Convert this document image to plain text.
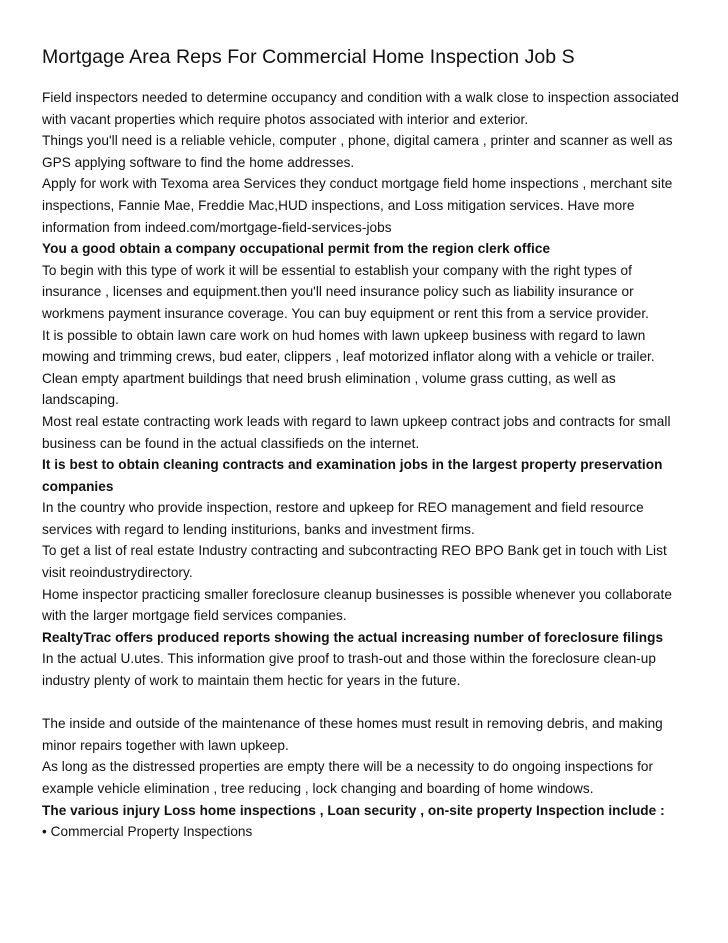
Mortgage Area Reps For Commercial Home Inspection Job S

Field inspectors needed to determine occupancy and condition with a walk close to inspection associated with vacant properties which require photos associated with interior and exterior.

Things you'll need is a reliable vehicle, computer , phone, digital camera , printer and scanner as well as GPS applying software to find the home addresses.

Apply for work with Texoma area Services they conduct mortgage field home inspections , merchant site inspections, Fannie Mae, Freddie Mac,HUD inspections, and Loss mitigation services. Have more information from indeed.com/mortgage-field-services-jobs

You a good obtain a company occupational permit from the region clerk office

To begin with this type of work it will be essential to establish your company with the right types of insurance , licenses and equipment.then you'll need insurance policy such as liability insurance or workmens payment insurance coverage. You can buy equipment or rent this from a service provider.

It is possible to obtain lawn care work on hud homes with lawn upkeep business with regard to lawn mowing and trimming crews, bud eater, clippers , leaf motorized inflator along with a vehicle or trailer.

Clean empty apartment buildings that need brush elimination , volume grass cutting, as well as landscaping.

Most real estate contracting work leads with regard to lawn upkeep contract jobs and contracts for small business can be found in the actual classifieds on the internet.

It is best to obtain cleaning contracts and examination jobs in the largest property preservation companies

In the country who provide inspection, restore and upkeep for REO management and field resource services with regard to lending institurions, banks and investment firms.

To get a list of real estate Industry contracting and subcontracting REO BPO Bank get in touch with List visit reoindustrydirectory.

Home inspector practicing smaller foreclosure cleanup businesses is possible whenever you collaborate with the larger mortgage field services companies.

RealtyTrac offers produced reports showing the actual increasing number of foreclosure filings

In the actual U.utes. This information give proof to trash-out and those within the foreclosure clean-up industry plenty of work to maintain them hectic for years in the future.

The inside and outside of the maintenance of these homes must result in removing debris, and making minor repairs together with lawn upkeep.

As long as the distressed properties are empty there will be a necessity to do ongoing inspections for example vehicle elimination , tree reducing , lock changing and boarding of home windows.

The various injury Loss home inspections , Loan security , on-site property Inspection include :

• Commercial Property Inspections
